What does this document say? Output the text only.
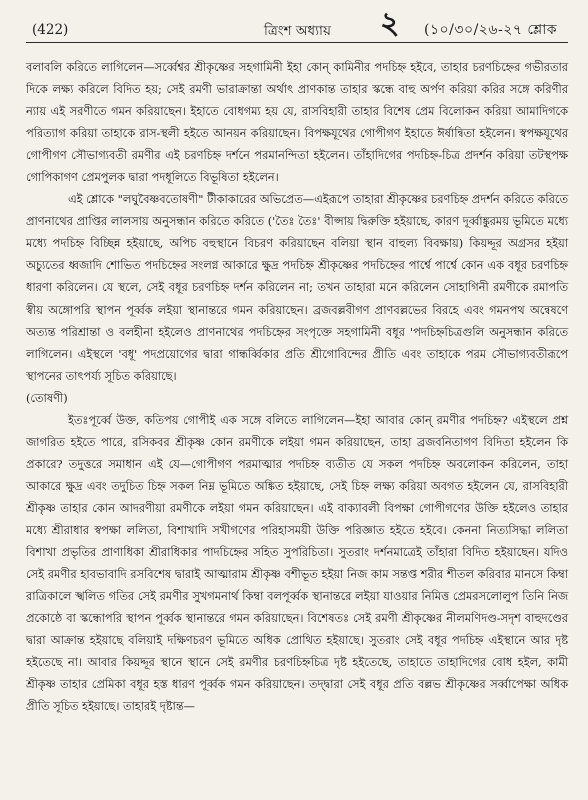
(422)	ত্রিংশ অধ্যায় ২ (১০/৩০/২৬-২৭ শ্লোক

বলাবলি করিতে লাগিলেন—সর্ব্বেশ্বর শ্রীকৃষ্ণের সহগামিনী ইহা কোন্ কামিনীর পদচিহ্ন হইবে, তাহার চরণচিহ্নের গভীরতার দিকে লক্ষ্য করিলে বিদিত হয়; সেই রমণী ভারাক্রান্তা অর্থাৎ প্রাণকান্ত তাহার স্কন্ধে বাহু অর্পণ করিয়া করির সঙ্গে করিণীর ন্যায় এই সরণীতে গমন করিয়াছেন। ইহাতে বোধগম্য হয় যে, রাসবিহারী তাহার বিশেষ প্রেম বিলোকন করিয়া আমাদিগকে পরিত্যাগ করিয়া তাহাকে রাস-স্থলী হইতে আনয়ন করিয়াছেন। বিপক্ষযূথের গোপীগণ ইহাতে ঈর্ষান্বিতা হইলেন। স্বপক্ষযূথের গোপীগণ সৌভাগ্যবতী রমণীর এই চরণচিহ্ন দর্শনে পরমানন্দিতা হইলেন। তাঁহাদিগের পদচিহ্ন-চিত্র প্রদর্শন করিয়া তটস্থপক্ষ গোপিকাগণ প্রেমপুলক দ্বারা পদধূলিতে বিভূষিতা হইলেন।

এই শ্লোকে "লঘুবৈষ্ণবতোষণী" টীকাকারের অভিপ্রেত—এইরূপে তাহারা শ্রীকৃষ্ণের চরণচিহ্ন প্রদর্শন করিতে করিতে প্রাণনাথের প্রাপ্তির লালসায় অনুসন্ধান করিতে করিতে ('তৈঃ তৈঃ' বীপ্সায় দ্বিরুক্তি হইয়াছে, কারণ দূর্ব্বাঙ্কুরময় ভূমিতে মধ্যে মধ্যে পদচিহ্ন বিচ্ছিন্ন হইয়াছে, অপিচ বহুস্থানে বিচরণ করিয়াছেন বলিয়া স্থান বাহুল্য বিবক্ষায়) কিয়দ্দূর অগ্রসর হইয়া অচ্যুতের ধ্বজাদি শোভিত পদচিহ্নের সংলগ্ন আকারে ক্ষুদ্র পদচিহ্ন শ্রীকৃষ্ণের পদচিহ্নের পার্শ্বে পার্শ্বে কোন এক বধূর চরণচিহ্ন ধারণা করিলেন। যে স্থলে, সেই বধূর চরণচিহ্ন দর্শন করিলেন না; তখন তাহারা মনে করিলেন সোহাগিনী রমণীকে রমাপতি স্বীয় অঙ্গোপরি স্থাপন পূর্ব্বক লইয়া স্থানান্তরে গমন করিয়াছেন। ব্রজবল্লবীগণ প্রাণবল্লভের বিরহে এবং গমনপথ অন্বেষণে অত্যন্ত পরিশ্রান্তা ও বলহীনা হইলেও প্রাণনাথের পদচিহ্নের সংপৃক্তে সহগামিনী বধূর 'পদচিহ্নচিত্রগুলি অনুসন্ধান করিতে লাগিলেন। এইস্থলে 'বধূ' পদপ্রয়োগের দ্বারা গান্ধর্ব্বিকার প্রতি শ্রীগোবিন্দের প্রীতি এবং তাহাকে পরম সৌভাগ্যবতীরূপে স্থাপনের তাৎপর্য্য সূচিত করিয়াছে।

(তোষণী)

ইতঃপূর্ব্বে উক্ত, কতিপয় গোপীই এক সঙ্গে বলিতে লাগিলেন—ইহা আবার কোন্ রমণীর পদচিহ্ন? এইস্থলে প্রশ্ন জাগরিত হইতে পারে, রসিকবর শ্রীকৃষ্ণ কোন রমণীকে লইয়া গমন করিয়াছেন, তাহা ব্রজবনিতাগণ বিদিতা হইলেন কি প্রকারে? তদুত্তরে সমাধান এই যে—গোপীগণ পরমাত্মার পদচিহ্ন ব্যতীত যে সকল পদচিহ্ন অবলোকন করিলেন, তাহা আকারে ক্ষুদ্র এবং তদুচিত চিহ্ন সকল নিম্ন ভূমিতে অঙ্কিত হইয়াছে, সেই চিহ্ন লক্ষ্য করিয়া অবগত হইলেন যে, রাসবিহারী শ্রীকৃষ্ণ তাহার কোন আদরণীয়া রমণীকে লইয়া গমন করিয়াছেন। এই বাক্যাবলী বিপক্ষা গোপীগণের উক্তি হইলেও তাহার মধ্যে শ্রীরাধার স্বপক্ষা ললিতা, বিশাখাদি সখীগণের পরিহাসময়ী উক্তি পরিজ্ঞাত হইতে হইবে। কেননা নিত্যসিদ্ধা ললিতা বিশাখা প্রভৃতির প্রাণাধিকা শ্রীরাধিকার পাদচিহ্নের সহিত সুপরিচিতা। সুতরাং দর্শনমাত্রেই তাঁহারা বিদিত হইয়াছেন। যদিও সেই রমণীর হাবভাবাদি রসবিশেষ দ্বারাই আত্মারাম শ্রীকৃষ্ণ বশীভূত হইয়া নিজ কাম সন্তপ্ত শরীর শীতল করিবার মানসে কিম্বা রাত্রিকালে স্খলিত গতির সেই রমণীর সুখগমনার্থ কিম্বা বলপূর্ব্বক স্থানান্তরে লইয়া যাওয়ার নিমিত্ত প্রেমরসলোলুপ তিনি নিজ প্রকোষ্ঠে বা স্কন্ধোপরি স্থাপন পূর্ব্বক স্থানান্তরে গমন করিয়াছেন। বিশেষতঃ সেই রমণী শ্রীকৃষ্ণের নীলমণিদণ্ড-সদৃশ বাহুদণ্ডের দ্বারা আক্রান্ত হইয়াছে বলিয়াই দক্ষিণচরণ ভূমিতে অধিক প্রোথিত হইয়াছে। সুতরাং সেই বধূর পদচিহ্ন এইস্থানে আর দৃষ্ট হইতেছে না। আবার কিয়দ্দূর স্থানে স্থানে সেই রমণীর চরণচিহ্নচিত্র দৃষ্ট হইতেছে, তাহাতে তাহাদিগের বোধ হইল, কামী শ্রীকৃষ্ণ তাহার প্রেমিকা বধূর হস্ত ধারণ পূর্ব্বক গমন করিয়াছেন। তদ্দ্বারা সেই বধূর প্রতি বল্লভ শ্রীকৃষ্ণের সর্ব্বাপেক্ষা অধিক প্রীতি সূচিত হইয়াছে। তাহারই দৃষ্টান্ত—
